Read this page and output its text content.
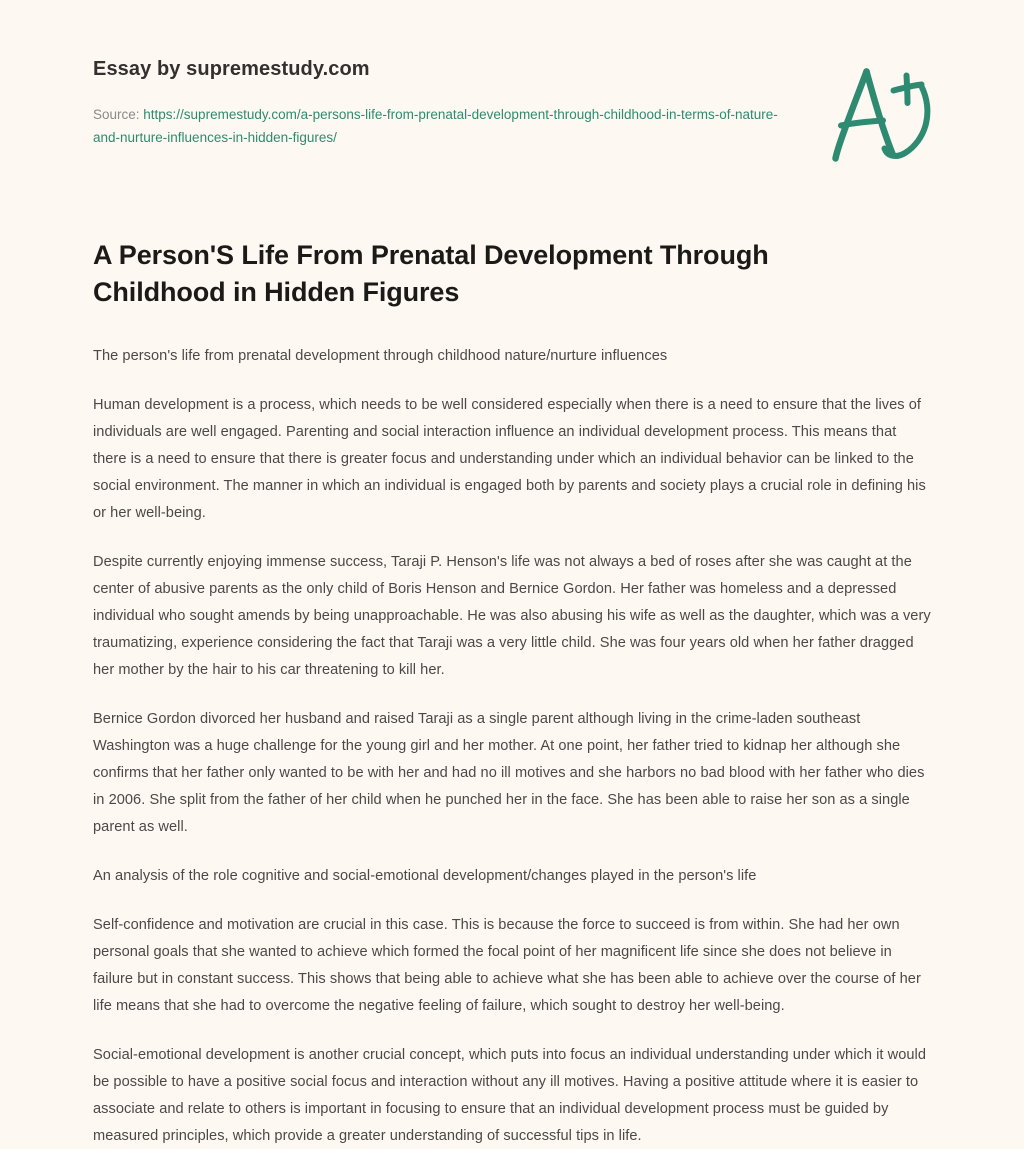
Essay by supremestudy.com

Source: https://supremestudy.com/a-persons-life-from-prenatal-development-through-childhood-in-terms-of-nature-and-nurture-influences-in-hidden-figures/

A Person'S Life From Prenatal Development Through Childhood in Hidden Figures

The person's life from prenatal development through childhood nature/nurture influences

Human development is a process, which needs to be well considered especially when there is a need to ensure that the lives of individuals are well engaged. Parenting and social interaction influence an individual development process. This means that there is a need to ensure that there is greater focus and understanding under which an individual behavior can be linked to the social environment. The manner in which an individual is engaged both by parents and society plays a crucial role in defining his or her well-being.

Despite currently enjoying immense success, Taraji P. Henson's life was not always a bed of roses after she was caught at the center of abusive parents as the only child of Boris Henson and Bernice Gordon. Her father was homeless and a depressed individual who sought amends by being unapproachable. He was also abusing his wife as well as the daughter, which was a very traumatizing, experience considering the fact that Taraji was a very little child. She was four years old when her father dragged her mother by the hair to his car threatening to kill her.

Bernice Gordon divorced her husband and raised Taraji as a single parent although living in the crime-laden southeast Washington was a huge challenge for the young girl and her mother. At one point, her father tried to kidnap her although she confirms that her father only wanted to be with her and had no ill motives and she harbors no bad blood with her father who dies in 2006. She split from the father of her child when he punched her in the face. She has been able to raise her son as a single parent as well.

An analysis of the role cognitive and social-emotional development/changes played in the person's life

Self-confidence and motivation are crucial in this case. This is because the force to succeed is from within. She had her own personal goals that she wanted to achieve which formed the focal point of her magnificent life since she does not believe in failure but in constant success. This shows that being able to achieve what she has been able to achieve over the course of her life means that she had to overcome the negative feeling of failure, which sought to destroy her well-being.

Social-emotional development is another crucial concept, which puts into focus an individual understanding under which it would be possible to have a positive social focus and interaction without any ill motives. Having a positive attitude where it is easier to associate and relate to others is important in focusing to ensure that an individual development process must be guided by measured principles, which provide a greater understanding of successful tips in life.
